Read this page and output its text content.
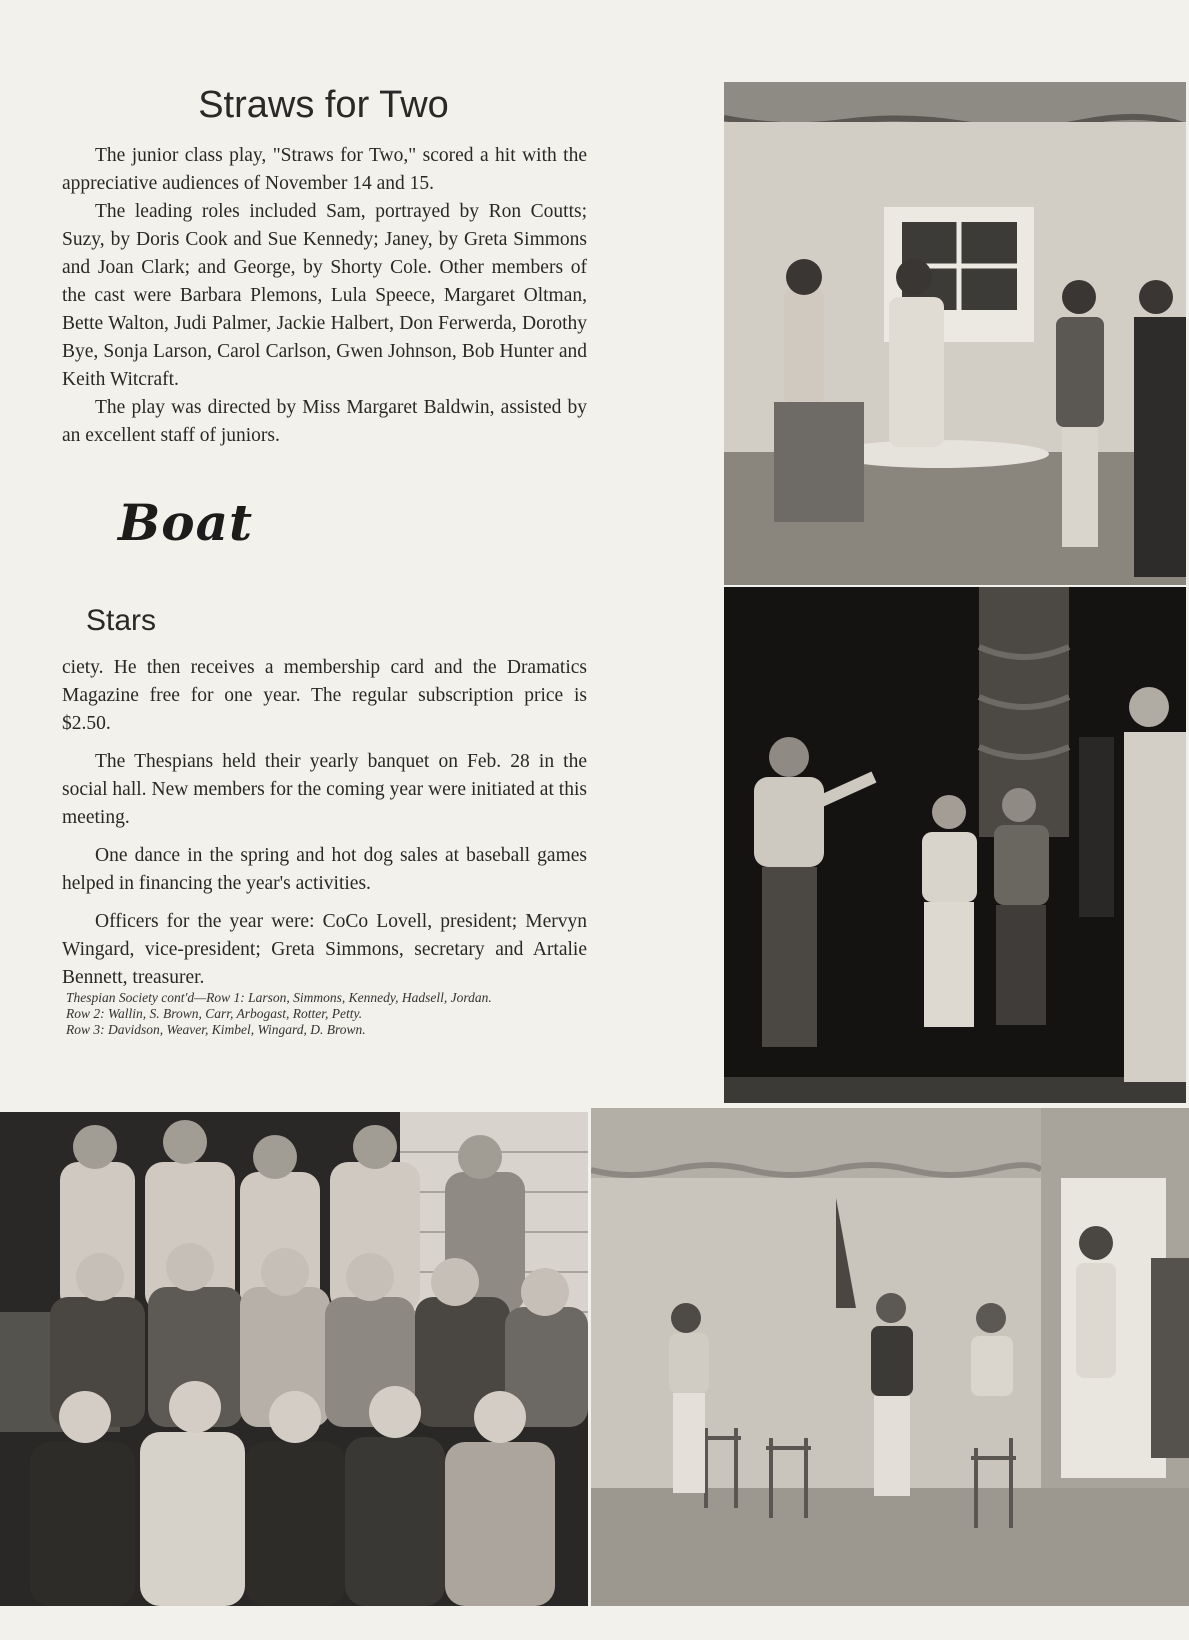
Straws for Two

The junior class play, "Straws for Two," scored a hit with the appreciative audiences of November 14 and 15.

The leading roles included Sam, portrayed by Ron Coutts; Suzy, by Doris Cook and Sue Kennedy; Janey, by Greta Simmons and Joan Clark; and George, by Shorty Cole. Other members of the cast were Barbara Plemons, Lula Speece, Margaret Oltman, Bette Walton, Judi Palmer, Jackie Halbert, Don Ferwerda, Dorothy Bye, Sonja Larson, Carol Carlson, Gwen Johnson, Bob Hunter and Keith Witcraft.

The play was directed by Miss Margaret Baldwin, assisted by an excellent staff of juniors.

Boat
Stars

ciety. He then receives a membership card and the Dramatics Magazine free for one year. The regular subscription price is $2.50.

The Thespians held their yearly banquet on Feb. 28 in the social hall. New members for the coming year were initiated at this meeting.

One dance in the spring and hot dog sales at baseball games helped in financing the year's activities.

Officers for the year were: CoCo Lovell, president; Mervyn Wingard, vice-president; Greta Simmons, secretary and Artalie Bennett, treasurer.

Thespian Society cont'd—Row 1: Larson, Simmons, Kennedy, Hadsell, Jordan.
Row 2: Wallin, S. Brown, Carr, Arbogast, Rotter, Petty.
Row 3: Davidson, Weaver, Kimbel, Wingard, D. Brown.
